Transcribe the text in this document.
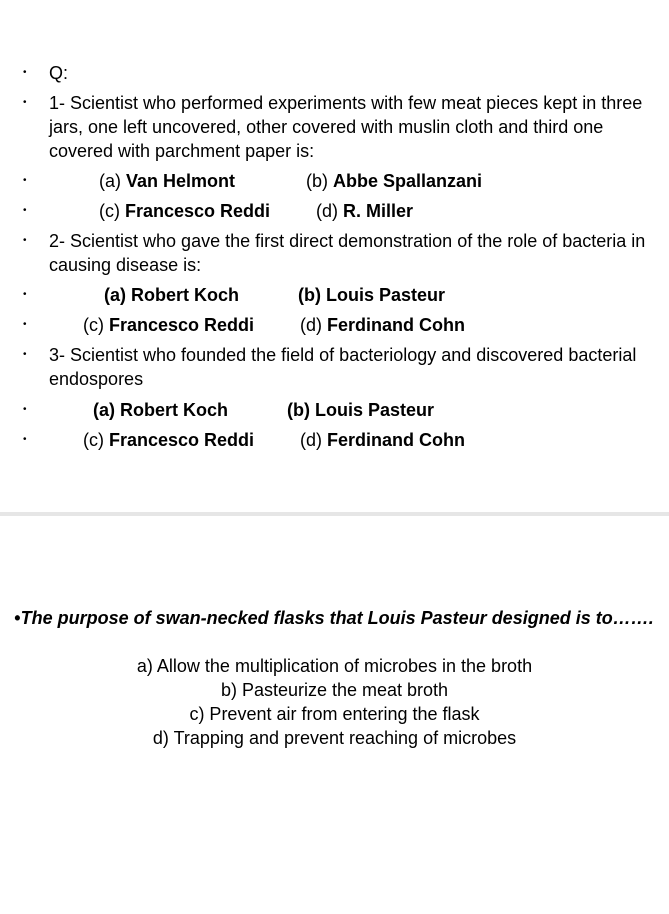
• Q:
• 1- Scientist who performed experiments with few meat pieces kept in three jars, one left uncovered, other covered with muslin cloth and third one covered with parchment paper is:
•	(a) Van Helmont	(b) Abbe Spallanzani
•	(c) Francesco Reddi	(d) R. Miller
• 2- Scientist who gave the first direct demonstration of the role of bacteria in causing disease is:
•	(a) Robert Koch	(b) Louis Pasteur
•	(c) Francesco Reddi	(d) Ferdinand Cohn
• 3- Scientist who founded the field of bacteriology and discovered bacterial endospores
•	(a) Robert Koch	(b) Louis Pasteur
•	(c) Francesco Reddi	(d) Ferdinand Cohn
•The purpose of swan-necked flasks that Louis Pasteur designed is to…….
a) Allow the multiplication of microbes in the broth
b) Pasteurize the meat broth
c) Prevent air from entering the flask
d) Trapping and prevent reaching of microbes
